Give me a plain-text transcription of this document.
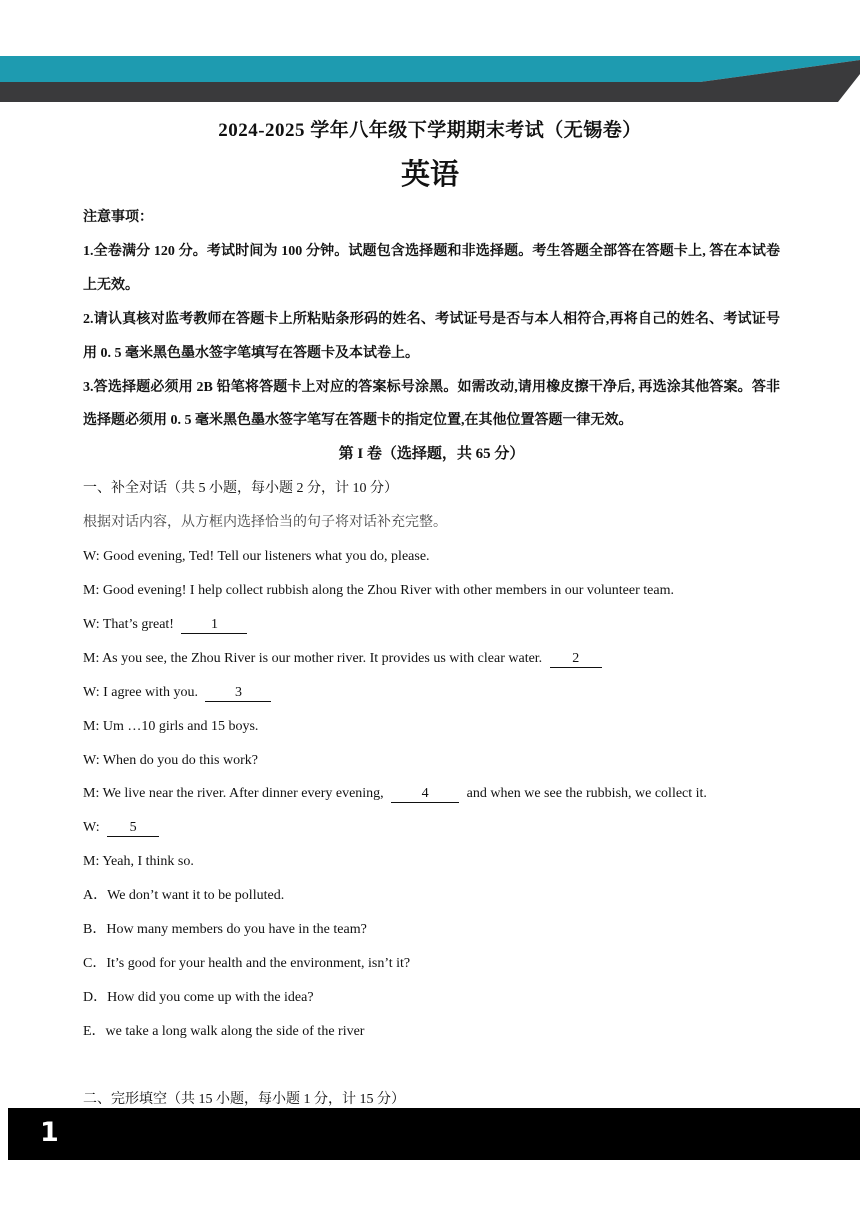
2024-2025 学年八年级下学期期末考试（无锡卷）
英语
注意事项：
1.全卷满分 120 分。考试时间为 100 分钟。试题包含选择题和非选择题。考生答题全部答在答题卡上, 答在本试卷上无效。
2.请认真核对监考教师在答题卡上所粘贴条形码的姓名、考试证号是否与本人相符合,再将自己的姓名、考试证号用 0. 5 毫米黑色墨水签字笔填写在答题卡及本试卷上。
3.答选择题必须用 2B 铅笔将答题卡上对应的答案标号涂黑。如需改动,请用橡皮擦干净后, 再选涂其他答案。答非选择题必须用 0. 5 毫米黑色墨水签字笔写在答题卡的指定位置,在其他位置答题一律无效。
第 I 卷（选择题，共 65 分）
一、补全对话（共 5 小题，每小题 2 分，计 10 分）
根据对话内容，从方框内选择恰当的句子将对话补充完整。
W: Good evening, Ted! Tell our listeners what you do, please.
M: Good evening! I help collect rubbish along the Zhou River with other members in our volunteer team.
W: That’s great! 1
M: As you see, the Zhou River is our mother river. It provides us with clear water. 2
W: I agree with you. 3
M: Um …10 girls and 15 boys.
W: When do you do this work?
M: We live near the river. After dinner every evening, 4 and when we see the rubbish, we collect it.
W: 5
M: Yeah, I think so.
A．We don’t want it to be polluted.
B．How many members do you have in the team?
C．It’s good for your health and the environment, isn’t it?
D．How did you come up with the idea?
E．we take a long walk along the side of the river
二、完形填空（共 15 小题，每小题 1 分，计 15 分）
1
